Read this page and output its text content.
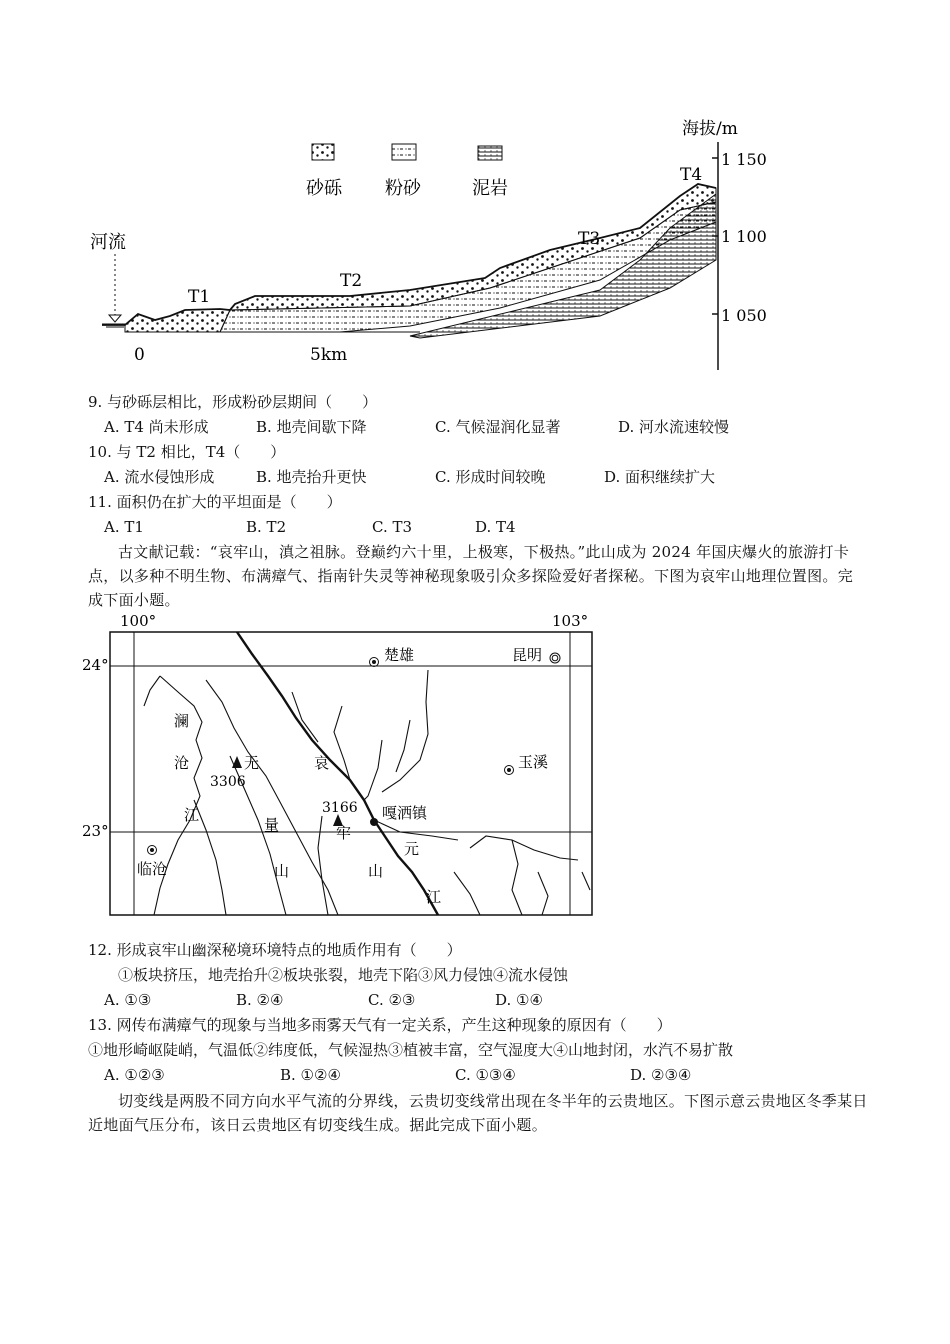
砂砾 粉砂	泥岩
海拔/m
1 150
1 100
1 050
河流
T1
T2
T3
T4
0	5km
9. 与砂砾层相比，形成粉砂层期间（　　）
A. T4 尚未形成	B. 地壳间歇下降	C. 气候湿润化显著	D. 河水流速较慢
10. 与 T2 相比，T4（　　）
A. 流水侵蚀形成	B. 地壳抬升更快	C. 形成时间较晚	D. 面积继续扩大
11. 面积仍在扩大的平坦面是（　　）
A. T1	B. T2	C. T3	D. T4
古文献记载：“哀牢山，滇之祖脉。登巅约六十里，上极寒，下极热。”此山成为 2024 年国庆爆火的旅游打卡点，以多种不明生物、布满瘴气、指南针失灵等神秘现象吸引众多探险爱好者探秘。下图为哀牢山地理位置图。完成下面小题。
100°	103°
24°
23°
楚雄	昆明
玉溪
临沧
嘎洒镇
3306
3166
澜
沧
江
无
量
山
哀
牢
山
元
江
12. 形成哀牢山幽深秘境环境特点的地质作用有（　　）
①板块挤压，地壳抬升②板块张裂，地壳下陷③风力侵蚀④流水侵蚀
A. ①③	B. ②④	C. ②③	D. ①④
13. 网传布满瘴气的现象与当地多雨雾天气有一定关系，产生这种现象的原因有（　　）
①地形崎岖陡峭，气温低②纬度低，气候湿热③植被丰富，空气湿度大④山地封闭，水汽不易扩散
A. ①②③	B. ①②④	C. ①③④	D. ②③④
切变线是两股不同方向水平气流的分界线，云贵切变线常出现在冬半年的云贵地区。下图示意云贵地区冬季某日近地面气压分布，该日云贵地区有切变线生成。据此完成下面小题。
